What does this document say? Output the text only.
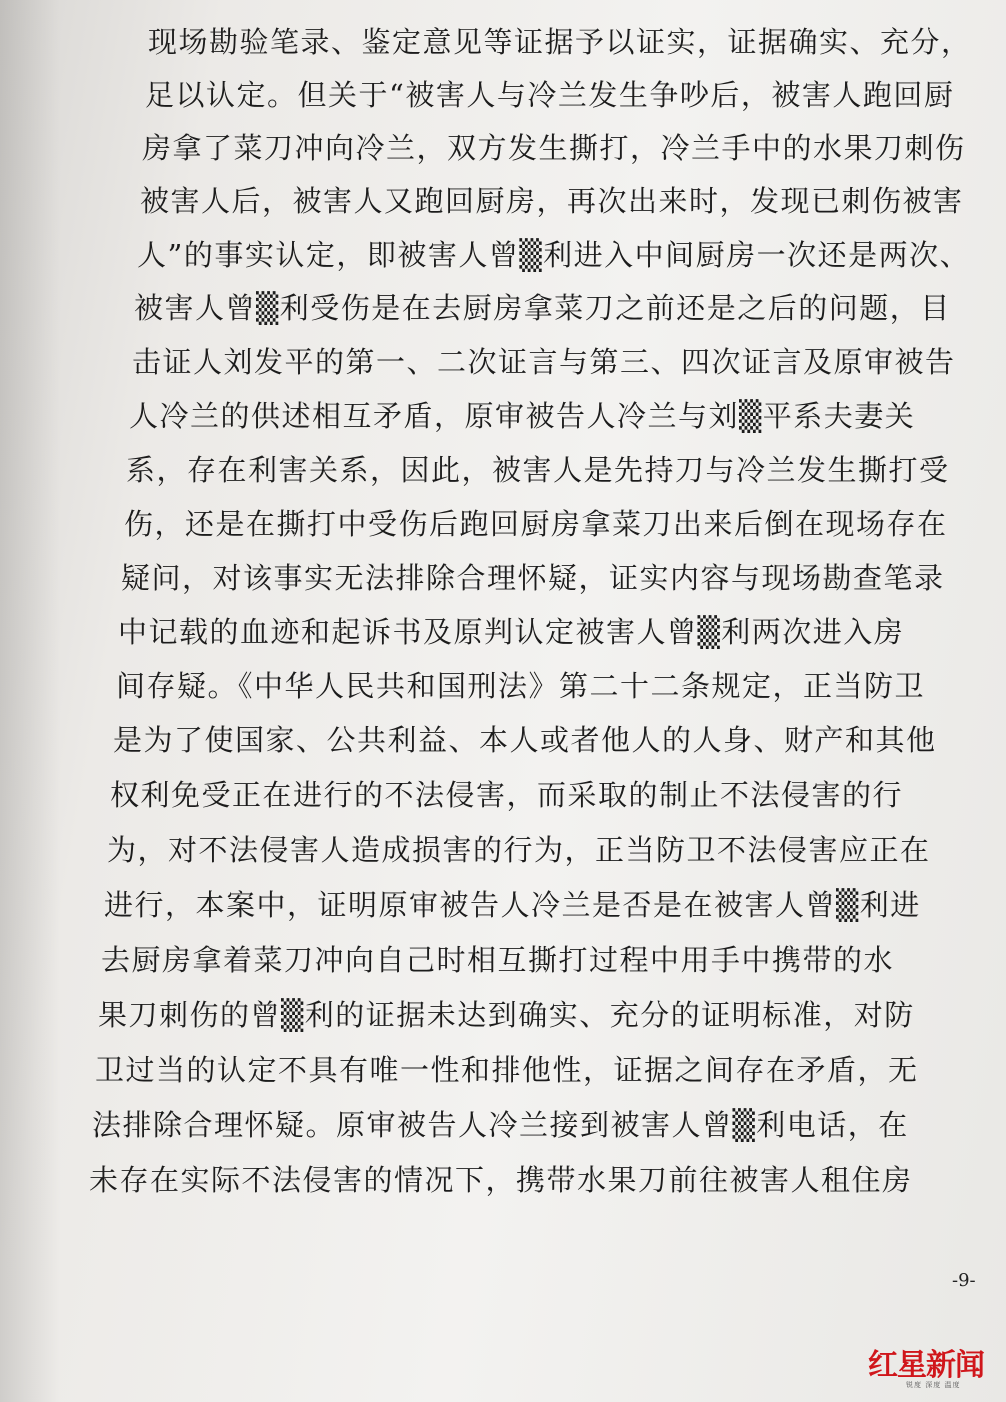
现场勘验笔录、鉴定意见等证据予以证实，证据确实、充分，
足以认定。但关于“被害人与冷兰发生争吵后，被害人跑回厨
房拿了菜刀冲向冷兰，双方发生撕打，冷兰手中的水果刀刺伤
被害人后，被害人又跑回厨房，再次出来时，发现已刺伤被害
人”的事实认定，即被害人曾▒利进入中间厨房一次还是两次、
被害人曾▒利受伤是在去厨房拿菜刀之前还是之后的问题，目
击证人刘发平的第一、二次证言与第三、四次证言及原审被告
人冷兰的供述相互矛盾，原审被告人冷兰与刘▒平系夫妻关
系，存在利害关系，因此，被害人是先持刀与冷兰发生撕打受
伤，还是在撕打中受伤后跑回厨房拿菜刀出来后倒在现场存在
疑问，对该事实无法排除合理怀疑，证实内容与现场勘查笔录
中记载的血迹和起诉书及原判认定被害人曾▒利两次进入房
间存疑。《中华人民共和国刑法》第二十二条规定，正当防卫
是为了使国家、公共利益、本人或者他人的人身、财产和其他
权利免受正在进行的不法侵害，而采取的制止不法侵害的行
为，对不法侵害人造成损害的行为，正当防卫不法侵害应正在
进行，本案中，证明原审被告人冷兰是否是在被害人曾▒利进
去厨房拿着菜刀冲向自己时相互撕打过程中用手中携带的水
果刀刺伤的曾▒利的证据未达到确实、充分的证明标准，对防
卫过当的认定不具有唯一性和排他性，证据之间存在矛盾，无
法排除合理怀疑。原审被告人冷兰接到被害人曾▒利电话，在
未存在实际不法侵害的情况下，携带水果刀前往被害人租住房
-9-
红星新闻
锐度 深度 温度
